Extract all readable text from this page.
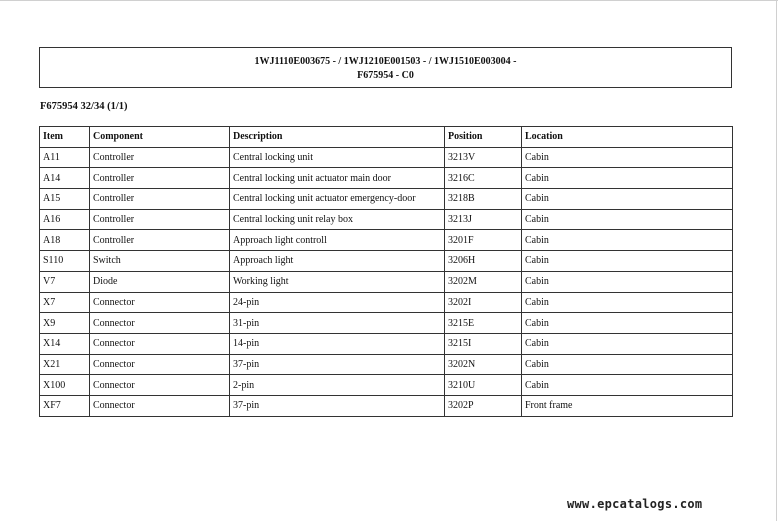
1WJ1110E003675 - / 1WJ1210E001503 - / 1WJ1510E003004 -
F675954 - C0
F675954 32/34 (1/1)
Item	Component	Description	Position	Location
A11	Controller	Central locking unit	3213V	Cabin
A14	Controller	Central locking unit actuator main door	3216C	Cabin
A15	Controller	Central locking unit actuator emergency-door	3218B	Cabin
A16	Controller	Central locking unit relay box	3213J	Cabin
A18	Controller	Approach light controll	3201F	Cabin
S110	Switch	Approach light	3206H	Cabin
V7	Diode	Working light	3202M	Cabin
X7	Connector	24-pin	3202I	Cabin
X9	Connector	31-pin	3215E	Cabin
X14	Connector	14-pin	3215I	Cabin
X21	Connector	37-pin	3202N	Cabin
X100	Connector	2-pin	3210U	Cabin
XF7	Connector	37-pin	3202P	Front frame
www.epcatalogs.com
